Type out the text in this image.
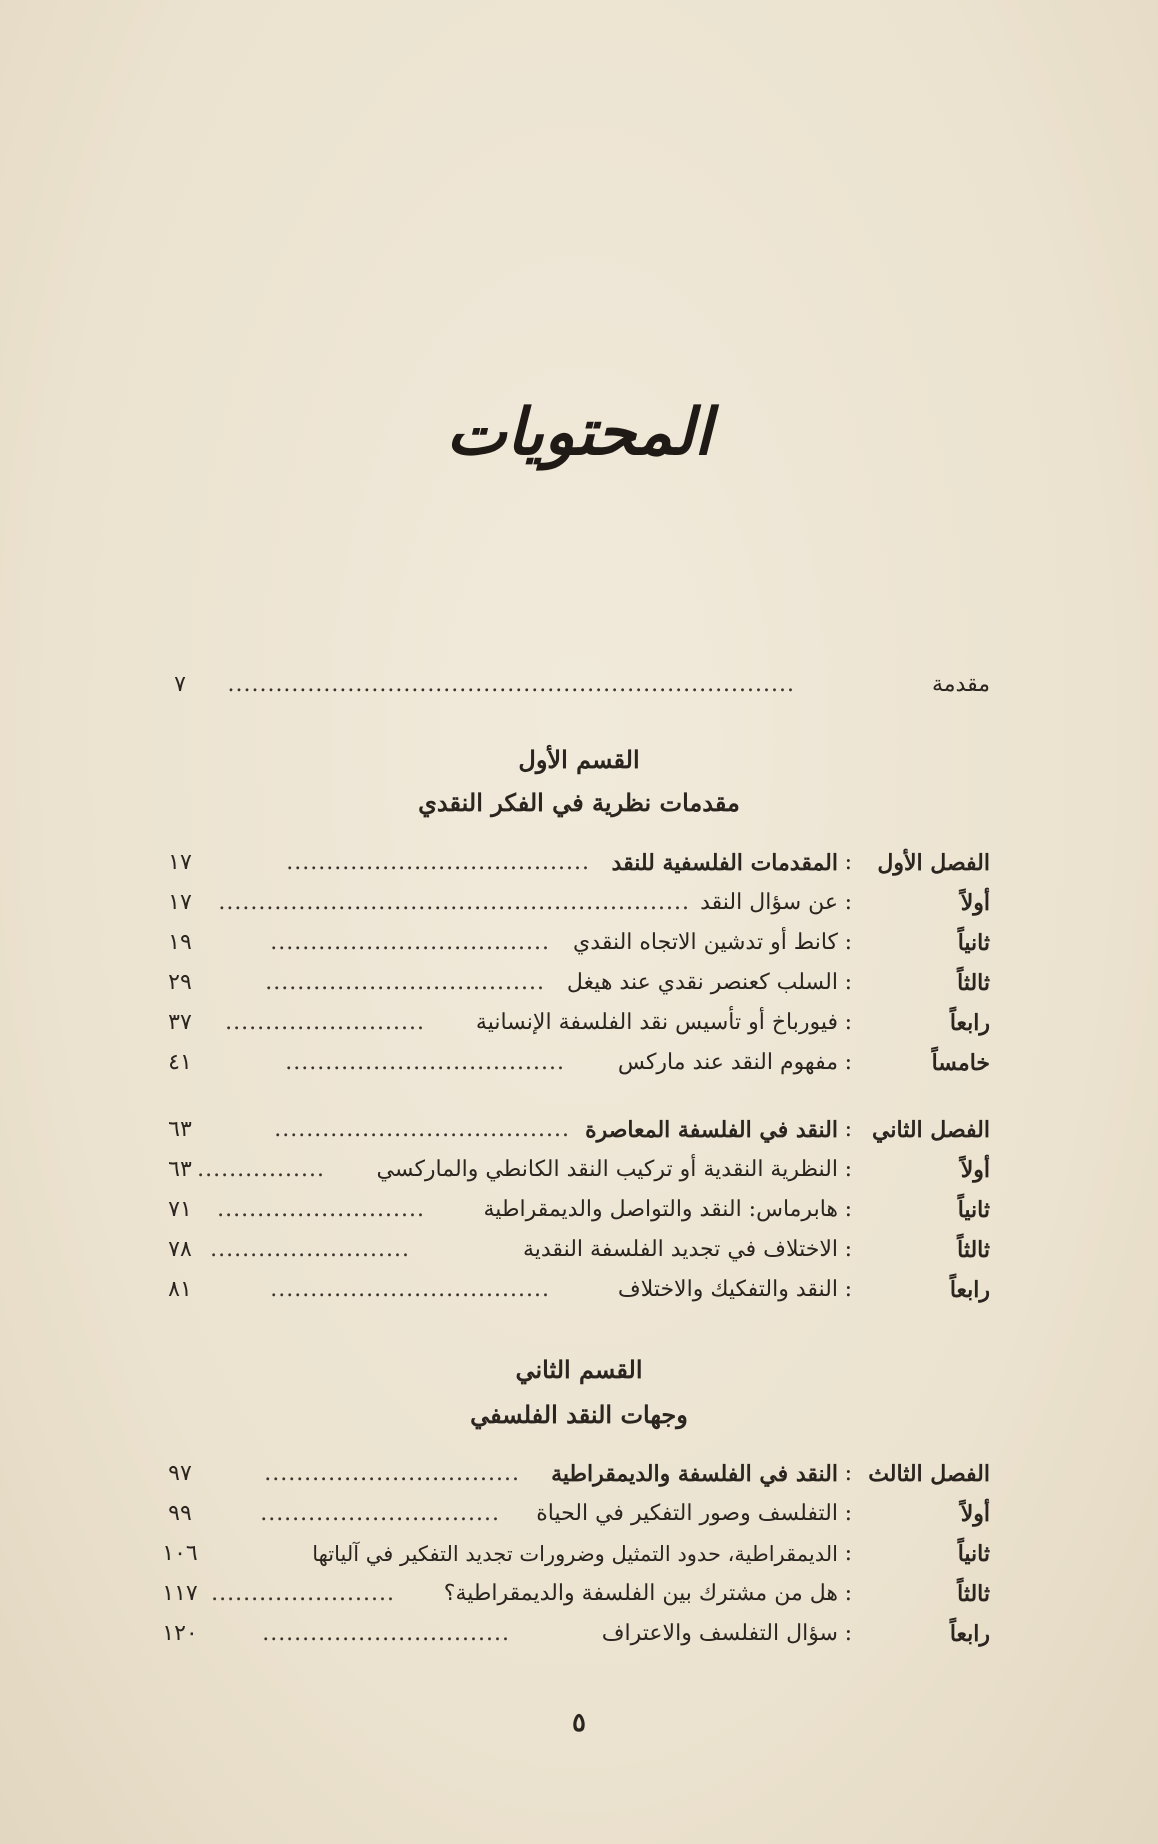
المحتويات
مقدمة
.......................................................................
٧
القسم الأول
مقدمات نظرية في الفكر النقدي
الفصل الأول
:
المقدمات الفلسفية للنقد
......................................
١٧
أولاً
:
عن سؤال النقد
...........................................................
١٧
ثانياً
:
كانط أو تدشين الاتجاه النقدي
...................................
١٩
ثالثاً
:
السلب كعنصر نقدي عند هيغل
...................................
٢٩
رابعاً
:
فيورباخ أو تأسيس نقد الفلسفة الإنسانية
.........................
٣٧
خامساً
:
مفهوم النقد عند ماركس
...................................
٤١
الفصل الثاني
:
النقد في الفلسفة المعاصرة
.....................................
٦٣
أولاً
:
النظرية النقدية أو تركيب النقد الكانطي والماركسي
................
٦٣
ثانياً
:
هابرماس: النقد والتواصل والديمقراطية
..........................
٧١
ثالثاً
:
الاختلاف في تجديد الفلسفة النقدية
.........................
٧٨
رابعاً
:
النقد والتفكيك والاختلاف
...................................
٨١
القسم الثاني
وجهات النقد الفلسفي
الفصل الثالث
:
النقد في الفلسفة والديمقراطية
................................
٩٧
أولاً
:
التفلسف وصور التفكير في الحياة
..............................
٩٩
ثانياً
:
الديمقراطية، حدود التمثيل وضرورات تجديد التفكير في آلياتها
١٠٦
ثالثاً
:
هل من مشترك بين الفلسفة والديمقراطية؟
.......................
١١٧
رابعاً
:
سؤال التفلسف والاعتراف
...............................
١٢٠
٥
